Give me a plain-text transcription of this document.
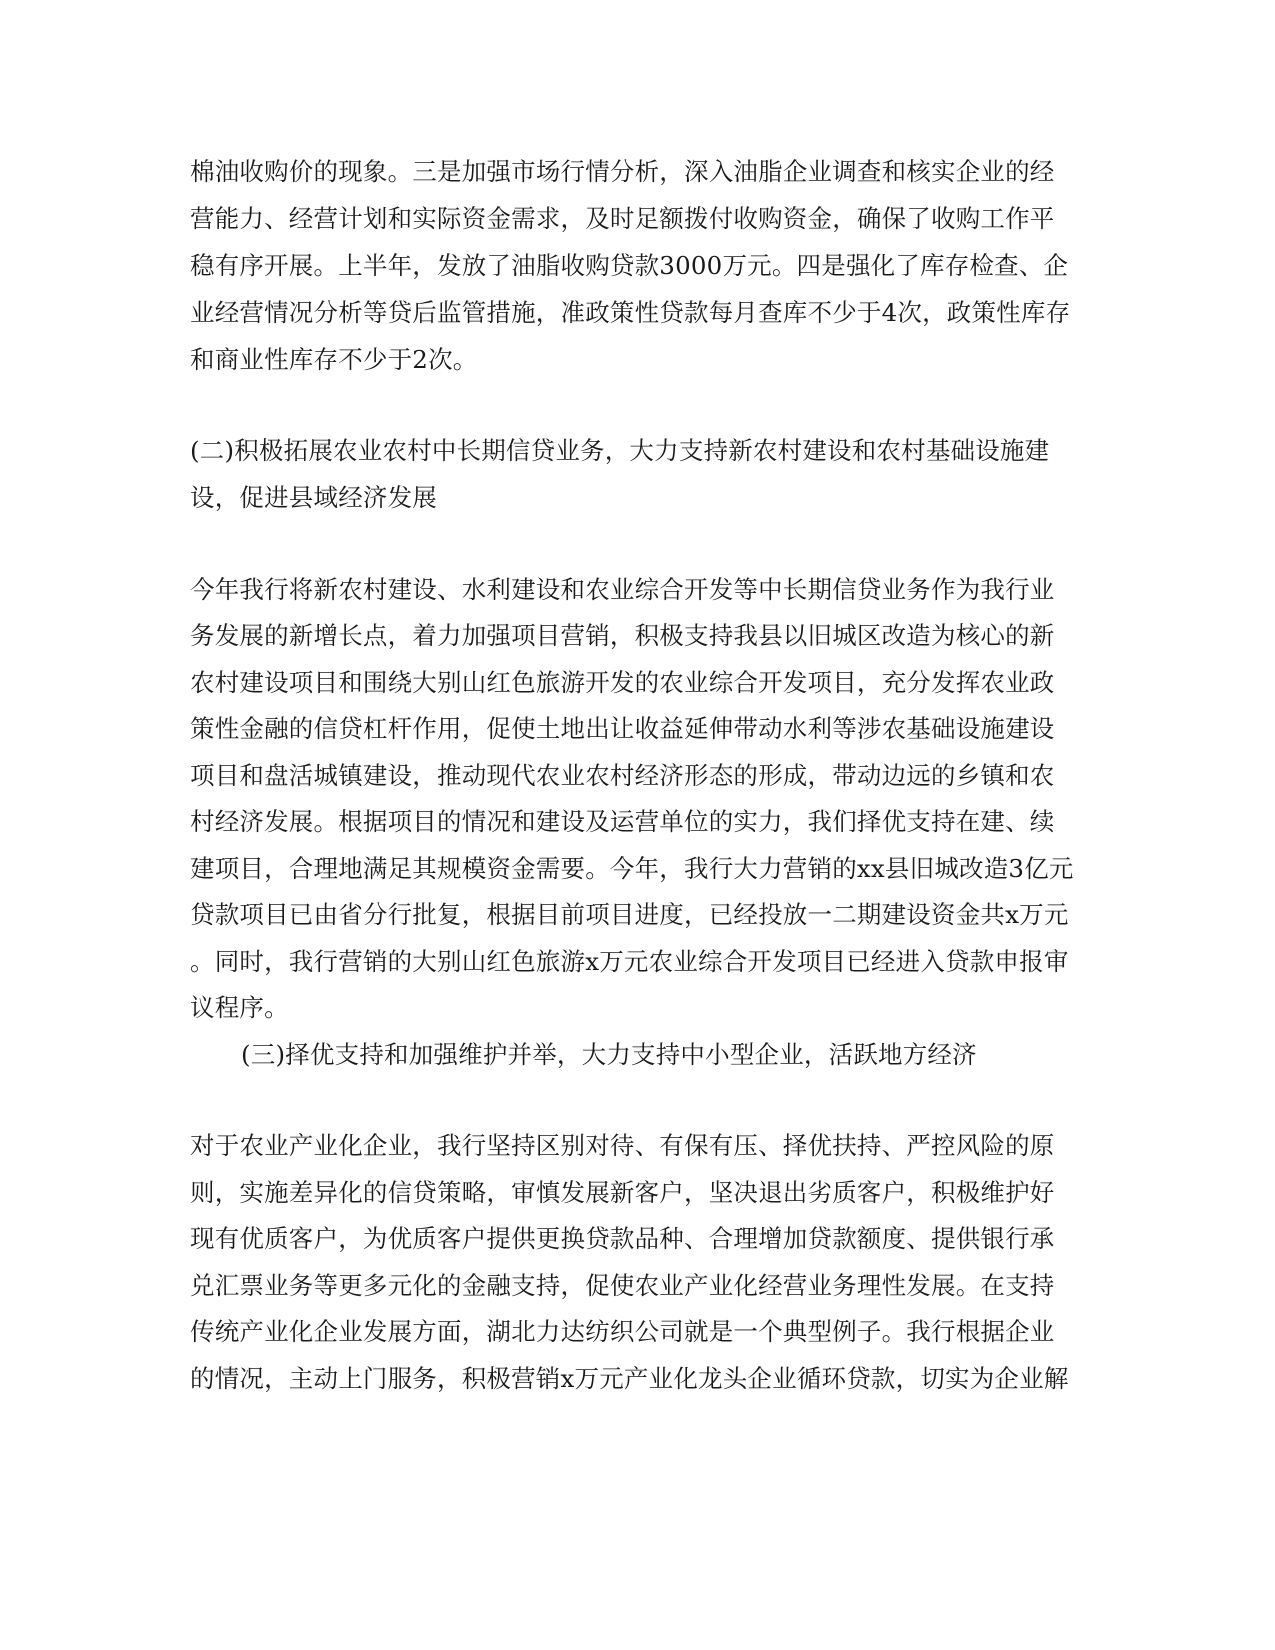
棉油收购价的现象。三是加强市场行情分析，深入油脂企业调查和核实企业的经
营能力、经营计划和实际资金需求，及时足额拨付收购资金，确保了收购工作平
稳有序开展。上半年，发放了油脂收购贷款3000万元。四是强化了库存检查、企
业经营情况分析等贷后监管措施，准政策性贷款每月查库不少于4次，政策性库存
和商业性库存不少于2次。
(二)积极拓展农业农村中长期信贷业务，大力支持新农村建设和农村基础设施建
设，促进县域经济发展
今年我行将新农村建设、水利建设和农业综合开发等中长期信贷业务作为我行业
务发展的新增长点，着力加强项目营销，积极支持我县以旧城区改造为核心的新
农村建设项目和围绕大别山红色旅游开发的农业综合开发项目，充分发挥农业政
策性金融的信贷杠杆作用，促使土地出让收益延伸带动水利等涉农基础设施建设
项目和盘活城镇建设，推动现代农业农村经济形态的形成，带动边远的乡镇和农
村经济发展。根据项目的情况和建设及运营单位的实力，我们择优支持在建、续
建项目，合理地满足其规模资金需要。今年，我行大力营销的xx县旧城改造3亿元
贷款项目已由省分行批复，根据目前项目进度，已经投放一二期建设资金共x万元
。同时，我行营销的大别山红色旅游x万元农业综合开发项目已经进入贷款申报审
议程序。
(三)择优支持和加强维护并举，大力支持中小型企业，活跃地方经济
对于农业产业化企业，我行坚持区别对待、有保有压、择优扶持、严控风险的原
则，实施差异化的信贷策略，审慎发展新客户，坚决退出劣质客户，积极维护好
现有优质客户，为优质客户提供更换贷款品种、合理增加贷款额度、提供银行承
兑汇票业务等更多元化的金融支持，促使农业产业化经营业务理性发展。在支持
传统产业化企业发展方面，湖北力达纺织公司就是一个典型例子。我行根据企业
的情况，主动上门服务，积极营销x万元产业化龙头企业循环贷款，切实为企业解
